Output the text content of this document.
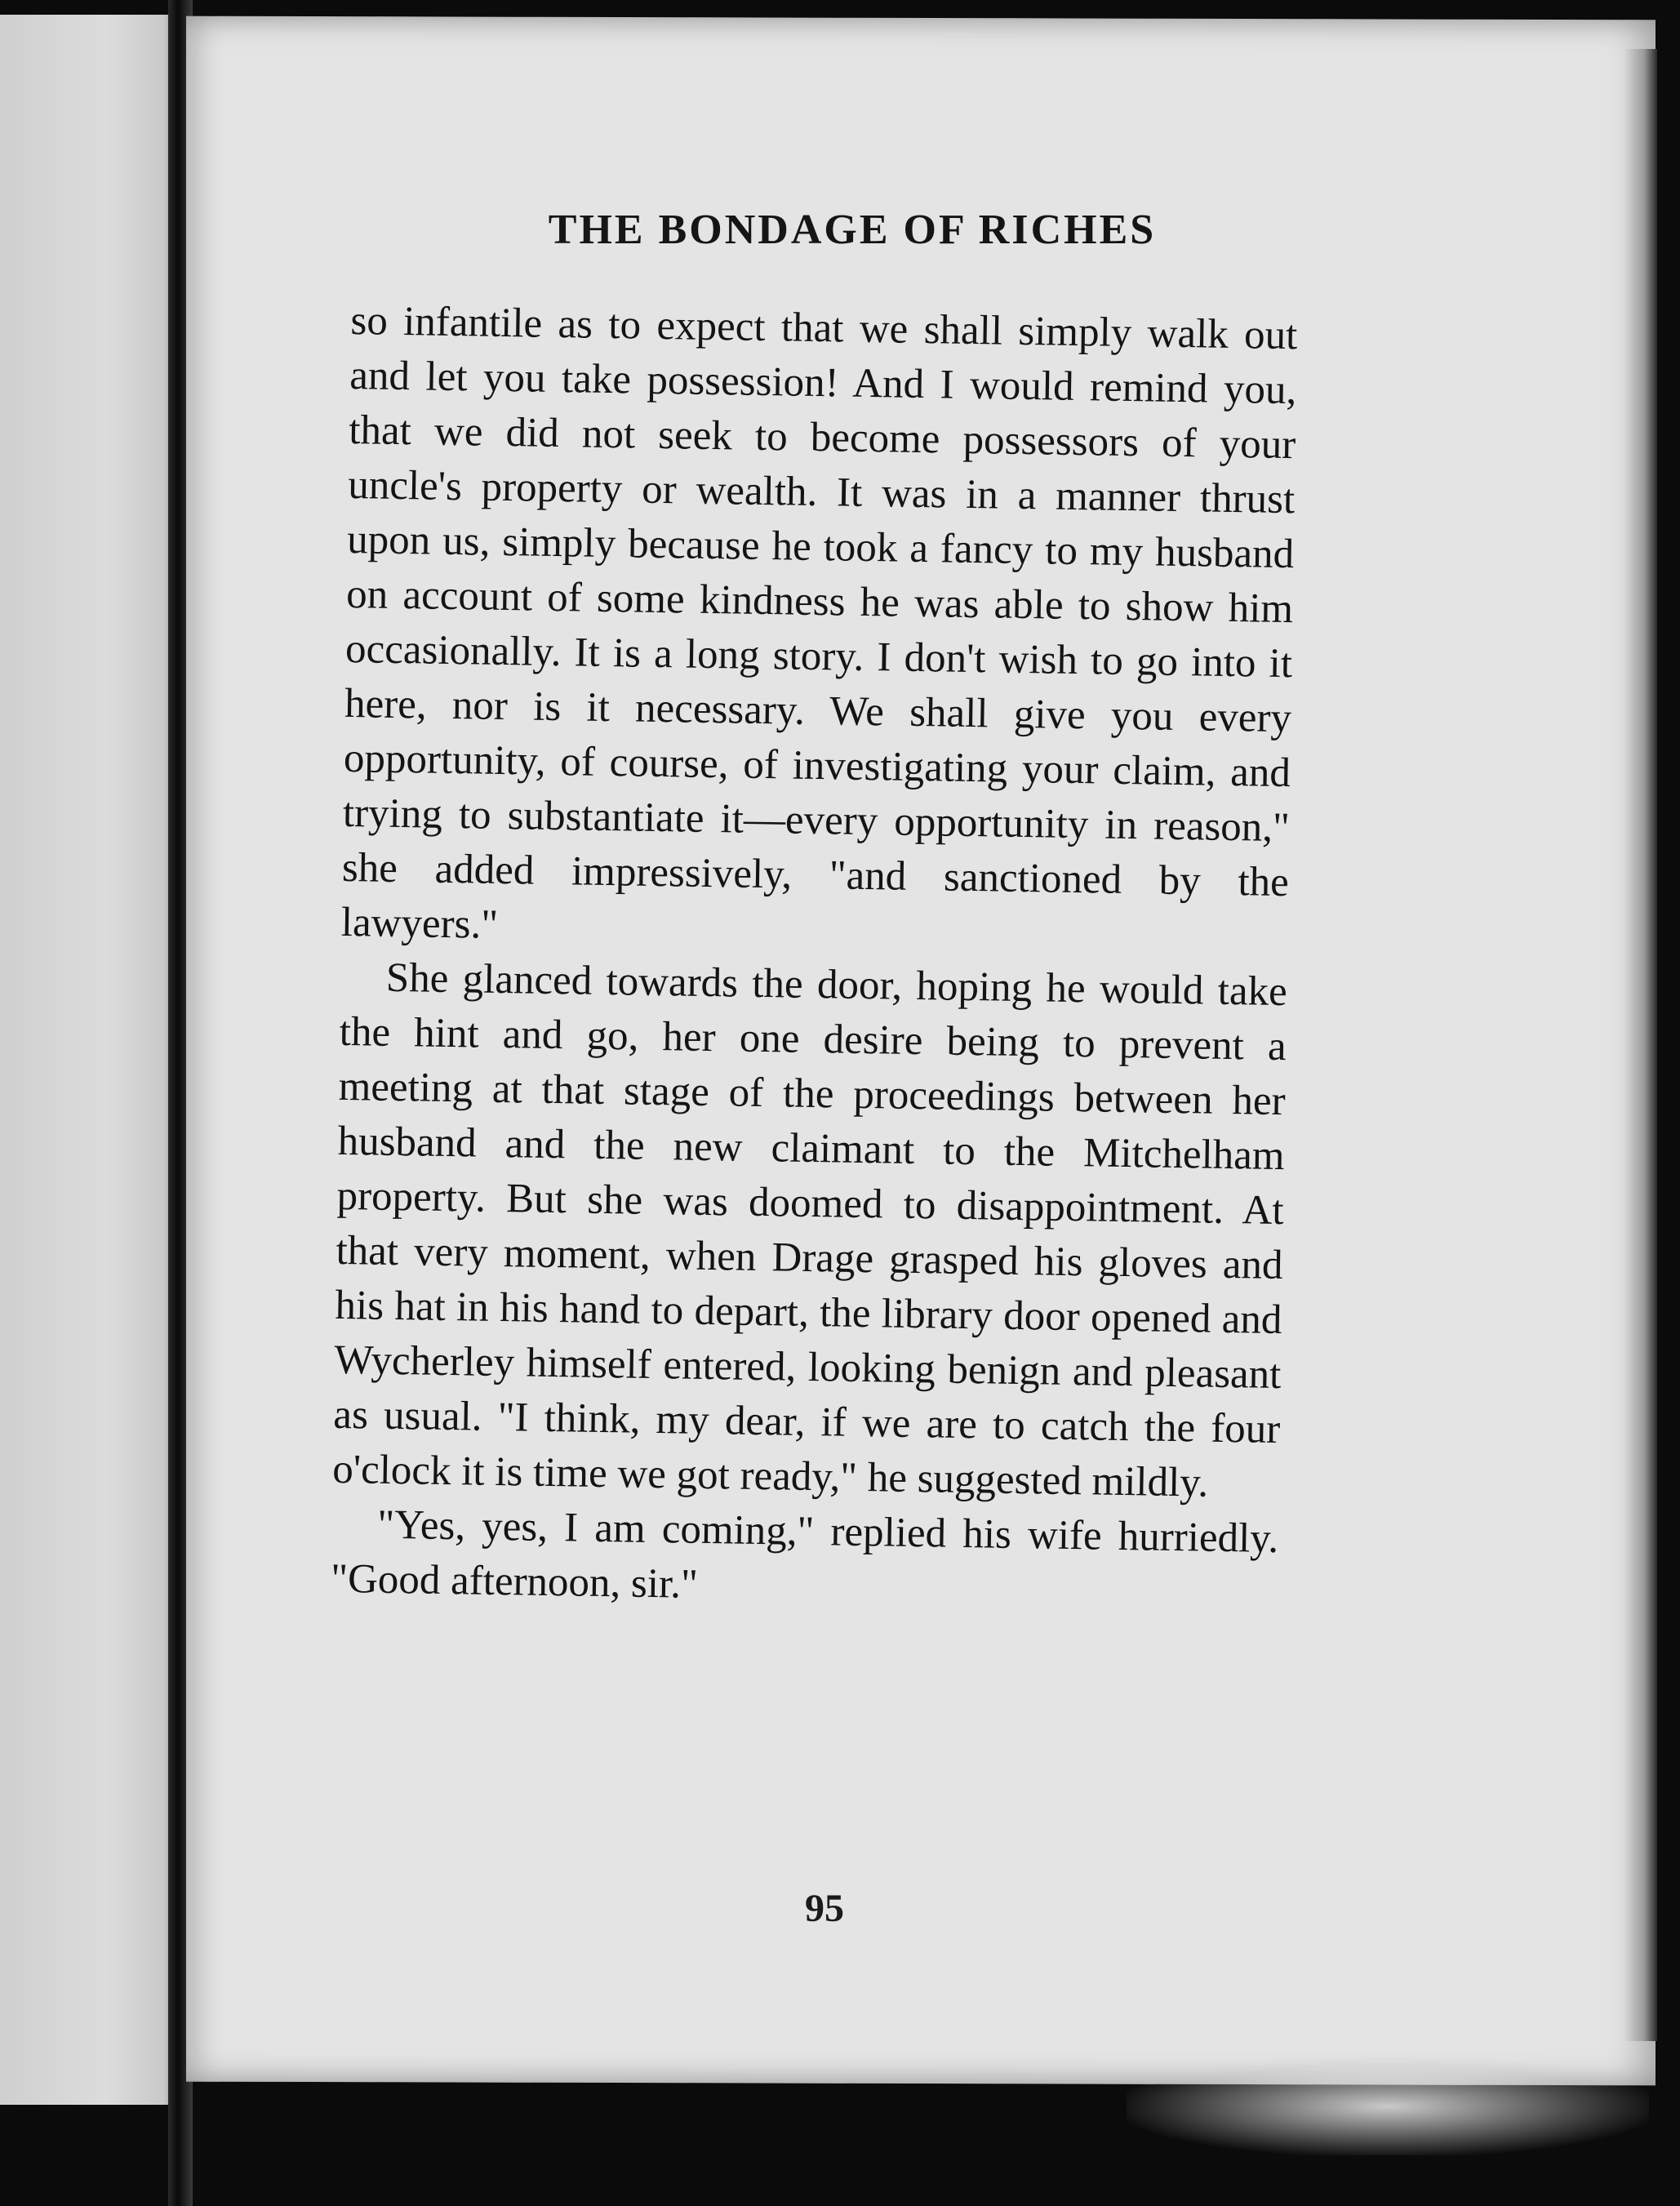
THE BONDAGE OF RICHES

so infantile as to expect that we shall simply walk out and let you take possession! And I would remind you, that we did not seek to become possessors of your uncle's property or wealth. It was in a manner thrust upon us, simply because he took a fancy to my husband on account of some kindness he was able to show him occasionally. It is a long story. I don't wish to go into it here, nor is it necessary. We shall give you every opportunity, of course, of investigating your claim, and trying to substantiate it—every opportunity in reason," she added impressively, "and sanctioned by the lawyers."

She glanced towards the door, hoping he would take the hint and go, her one desire being to prevent a meeting at that stage of the proceedings between her husband and the new claimant to the Mitchelham property. But she was doomed to disappointment. At that very moment, when Drage grasped his gloves and his hat in his hand to depart, the library door opened and Wycherley himself entered, looking benign and pleasant as usual. "I think, my dear, if we are to catch the four o'clock it is time we got ready," he suggested mildly.

"Yes, yes, I am coming," replied his wife hurriedly. "Good afternoon, sir."

95
